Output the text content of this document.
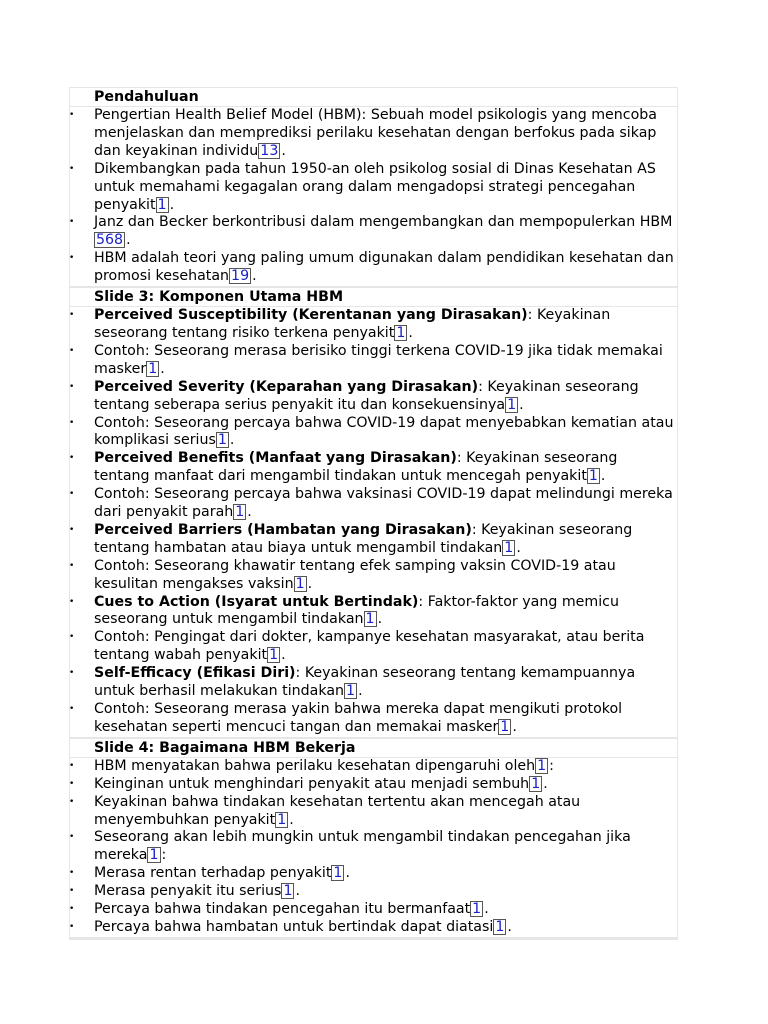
Pendahuluan
• Pengertian Health Belief Model (HBM): Sebuah model psikologis yang mencoba menjelaskan dan memprediksi perilaku kesehatan dengan berfokus pada sikap dan keyakinan individu 13 .
• Dikembangkan pada tahun 1950-an oleh psikolog sosial di Dinas Kesehatan AS untuk memahami kegagalan orang dalam mengadopsi strategi pencegahan penyakit 1 .
• Janz dan Becker berkontribusi dalam mengembangkan dan mempopulerkan HBM568 .
• HBM adalah teori yang paling umum digunakan dalam pendidikan kesehatan dan promosi kesehatan 19 .
Slide 3: Komponen Utama HBM
• Perceived Susceptibility (Kerentanan yang Dirasakan): Keyakinan seseorang tentang risiko terkena penyakit 1 .
• Contoh: Seseorang merasa berisiko tinggi terkena COVID-19 jika tidak memakai masker 1 .
• Perceived Severity (Keparahan yang Dirasakan): Keyakinan seseorang tentang seberapa serius penyakit itu dan konsekuensinya 1 .
• Contoh: Seseorang percaya bahwa COVID-19 dapat menyebabkan kematian atau komplikasi serius 1 .
• Perceived Benefits (Manfaat yang Dirasakan): Keyakinan seseorang tentang manfaat dari mengambil tindakan untuk mencegah penyakit 1 .
• Contoh: Seseorang percaya bahwa vaksinasi COVID-19 dapat melindungi mereka dari penyakit parah 1 .
• Perceived Barriers (Hambatan yang Dirasakan): Keyakinan seseorang tentang hambatan atau biaya untuk mengambil tindakan 1 .
• Contoh: Seseorang khawatir tentang efek samping vaksin COVID-19 atau kesulitan mengakses vaksin 1 .
• Cues to Action (Isyarat untuk Bertindak): Faktor-faktor yang memicu seseorang untuk mengambil tindakan 1 .
• Contoh: Pengingat dari dokter, kampanye kesehatan masyarakat, atau berita tentang wabah penyakit 1 .
• Self-Efficacy (Efikasi Diri): Keyakinan seseorang tentang kemampuannya untuk berhasil melakukan tindakan 1 .
• Contoh: Seseorang merasa yakin bahwa mereka dapat mengikuti protokol kesehatan seperti mencuci tangan dan memakai masker 1 .
Slide 4: Bagaimana HBM Bekerja
• HBM menyatakan bahwa perilaku kesehatan dipengaruhi oleh 1 :
• Keinginan untuk menghindari penyakit atau menjadi sembuh 1 .
• Keyakinan bahwa tindakan kesehatan tertentu akan mencegah atau menyembuhkan penyakit 1 .
• Seseorang akan lebih mungkin untuk mengambil tindakan pencegahan jika mereka 1 :
• Merasa rentan terhadap penyakit 1 .
• Merasa penyakit itu serius 1 .
• Percaya bahwa tindakan pencegahan itu bermanfaat 1 .
• Percaya bahwa hambatan untuk bertindak dapat diatasi 1 .
